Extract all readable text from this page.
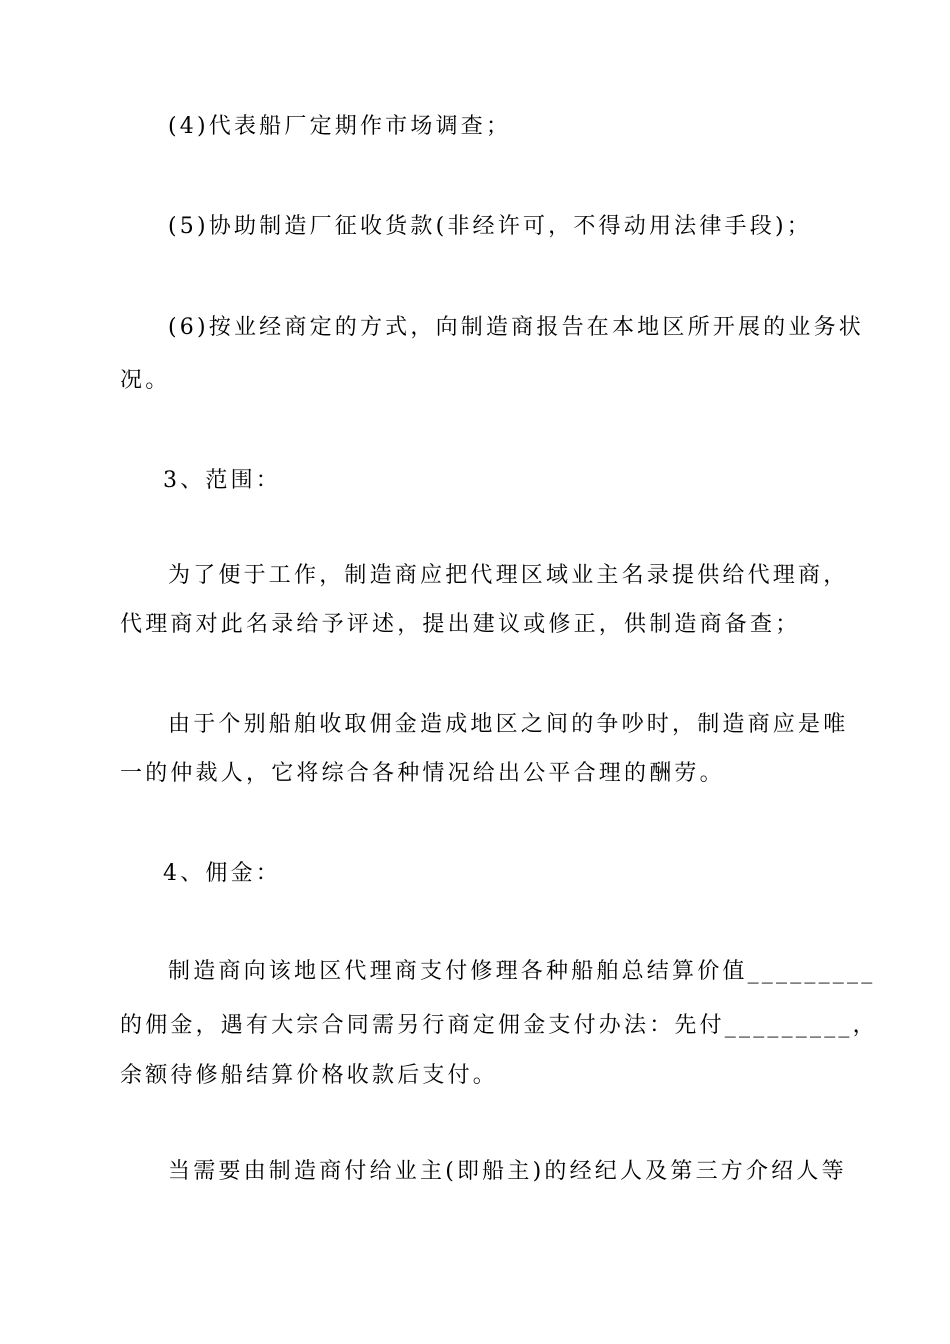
(4)代表船厂定期作市场调查；
(5)协助制造厂征收货款(非经许可，不得动用法律手段)；
(6)按业经商定的方式，向制造商报告在本地区所开展的业务状
况。
3、范围：
为了便于工作，制造商应把代理区域业主名录提供给代理商，
代理商对此名录给予评述，提出建议或修正，供制造商备查；
由于个别船舶收取佣金造成地区之间的争吵时，制造商应是唯
一的仲裁人，它将综合各种情况给出公平合理的酬劳。
4、佣金：
制造商向该地区代理商支付修理各种船舶总结算价值_________
的佣金，遇有大宗合同需另行商定佣金支付办法：先付_________，
余额待修船结算价格收款后支付。
当需要由制造商付给业主(即船主)的经纪人及第三方介绍人等
